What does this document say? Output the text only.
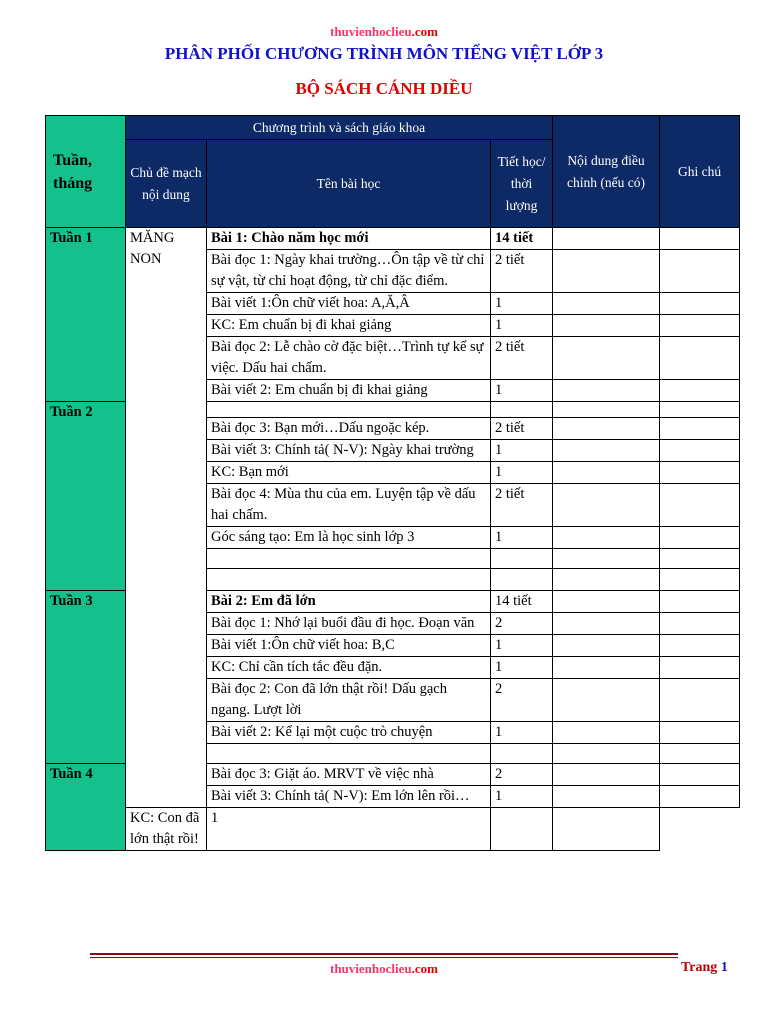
thuvienhoclieu.com
PHÂN PHỐI CHƯƠNG TRÌNH MÔN TIẾNG VIỆT LỚP 3
BỘ SÁCH CÁNH DIỀU
Tuần, tháng	Chương trình và sách giáo khoa			Nội dung điều chỉnh (nếu có)	Ghi chú
	Chủ đề mạch nội dung	Tên bài học	Tiết học/ thời lượng		
Tuần 1	MĂNG NON	Bài 1: Chào năm học mới	14 tiết		
		Bài đọc 1: Ngày khai trường…Ôn tập về từ chỉ sự vật, từ chỉ hoạt động, từ chỉ đặc điểm.	2 tiết		
		Bài viết 1:Ôn chữ viết hoa: A,Ă,Â	1		
		KC: Em chuẩn bị đi khai giảng	1		
		Bài đọc 2: Lễ chào cờ đặc biệt…Trình tự kể sự việc. Dấu hai chấm.	2 tiết		
		Bài viết 2: Em chuẩn bị đi khai giảng	1		
Tuần 2					
		Bài đọc 3: Bạn mới…Dấu ngoặc kép.	2 tiết		
		Bài viết 3: Chính tả( N-V): Ngày khai trường	1		
		KC: Bạn mới	1		
		Bài đọc 4: Mùa thu của em. Luyện tập về dấu hai chấm.	2 tiết		
		Góc sáng tạo: Em là học sinh lớp 3	1		

Tuần 3		Bài 2: Em đã lớn	14 tiết		
		Bài đọc 1: Nhớ lại buổi đầu đi học. Đoạn văn	2		
		Bài viết 1:Ôn chữ viết hoa: B,C	1		
		KC: Chỉ cần tích tắc đều đặn.	1		
		Bài đọc 2: Con đã lớn thật rồi! Dấu gạch ngang. Lượt lời	2		
		Bài viết 2: Kể lại một cuộc trò chuyện	1		

Tuần 4		Bài đọc 3: Giặt áo. MRVT về việc nhà	2		
		Bài viết 3: Chính tả( N-V): Em lớn lên rồi…	1		
	KC: Con đã lớn thật rồi!	1			
thuvienhoclieu.com	Trang 1
